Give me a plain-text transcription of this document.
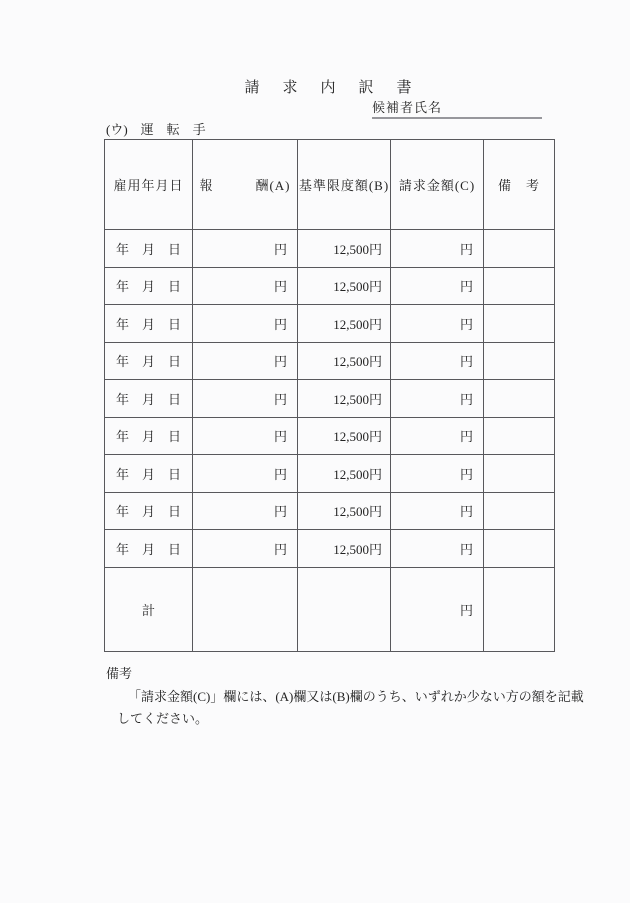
請　求　内　訳　書
候補者氏名
(ウ)　運　転　手
雇用年月日	報　　　酬(A)	基準限度額(B)	請求金額(C)	備　考
年　月　日	円	12,500円	円	
年　月　日	円	12,500円	円	
年　月　日	円	12,500円	円	
年　月　日	円	12,500円	円	
年　月　日	円	12,500円	円	
年　月　日	円	12,500円	円	
年　月　日	円	12,500円	円	
年　月　日	円	12,500円	円	
年　月　日	円	12,500円	円	
計			円	
備考
「請求金額(C)」欄には、(A)欄又は(B)欄のうち、いずれか少ない方の額を記載
してください。
